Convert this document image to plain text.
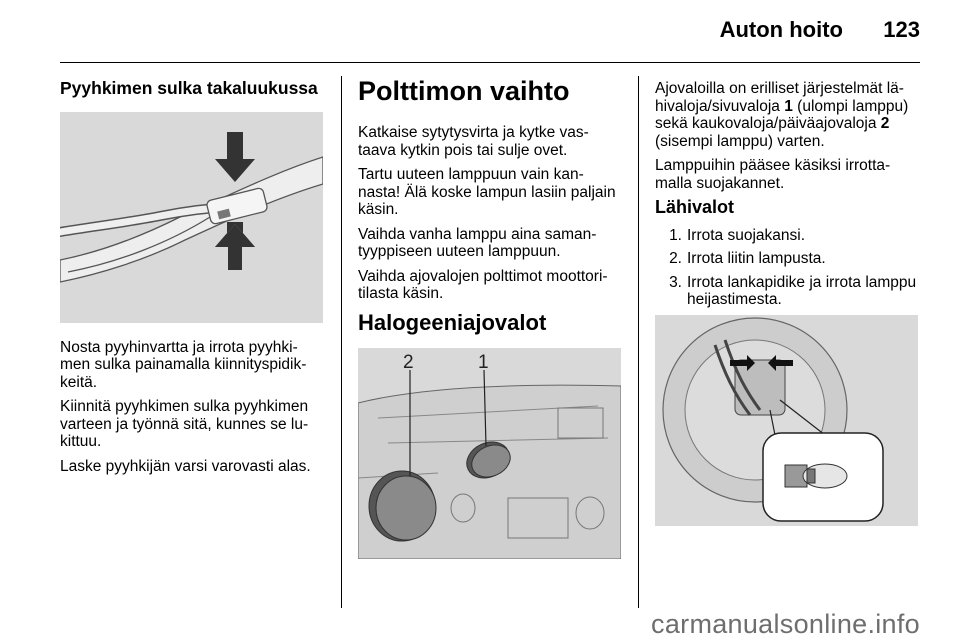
Auton hoito 123
Pyyhkimen sulka takaluukussa

Nosta pyyhinvartta ja irrota pyyhki-men sulka painamalla kiinnityspidik-keitä.

Kiinnitä pyyhkimen sulka pyyhkimen varteen ja työnnä sitä, kunnes se lu-kittuu.

Laske pyyhkijän varsi varovasti alas.

Polttimon vaihto

Katkaise sytytysvirta ja kytke vas-taava kytkin pois tai sulje ovet.

Tartu uuteen lamppuun vain kan-nasta! Älä koske lampun lasiin paljain käsin.

Vaihda vanha lamppu aina saman-tyyppiseen uuteen lamppuun.

Vaihda ajovalojen polttimot moottori-tilasta käsin.

Halogeeniajovalot
2	1

Ajovaloilla on erilliset järjestelmät lä-hivaloja/sivuvaloja 1 (ulompi lamppu) sekä kaukovaloja/päiväajovaloja 2 (sisempi lamppu) varten.

Lamppuihin pääsee käsiksi irrotta-malla suojakannet.

Lähivalot
1. Irrota suojakansi.
2. Irrota liitin lampusta.
3. Irrota lankapidike ja irrota lamppu heijastimesta.
carmanualsonline.info
